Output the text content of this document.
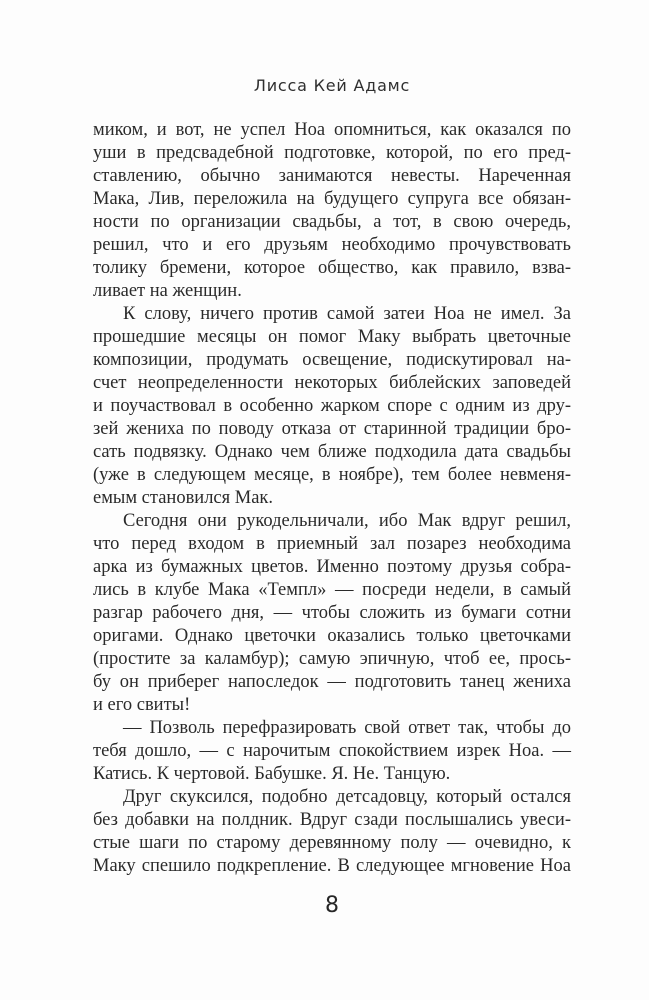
Лисса Кей Адамс
миком, и вот, не успел Ноа опомниться, как оказался по
уши в предсвадебной подготовке, которой, по его пред-
ставлению, обычно занимаются невесты. Нареченная
Мака, Лив, переложила на будущего супруга все обязан-
ности по организации свадьбы, а тот, в свою очередь,
решил, что и его друзьям необходимо прочувствовать
толику бремени, которое общество, как правило, взва-
ливает на женщин.
К слову, ничего против самой затеи Ноа не имел. За
прошедшие месяцы он помог Маку выбрать цветочные
композиции, продумать освещение, подискутировал на-
счет неопределенности некоторых библейских заповедей
и поучаствовал в особенно жарком споре с одним из дру-
зей жениха по поводу отказа от старинной традиции бро-
сать подвязку. Однако чем ближе подходила дата свадьбы
(уже в следующем месяце, в ноябре), тем более невменя-
емым становился Мак.
Сегодня они рукодельничали, ибо Мак вдруг решил,
что перед входом в приемный зал позарез необходима
арка из бумажных цветов. Именно поэтому друзья собра-
лись в клубе Мака «Темпл» — посреди недели, в самый
разгар рабочего дня, — чтобы сложить из бумаги сотни
оригами. Однако цветочки оказались только цветочками
(простите за каламбур); самую эпичную, чтоб ее, прось-
бу он приберег напоследок — подготовить танец жениха
и его свиты!
— Позволь перефразировать свой ответ так, чтобы до
тебя дошло, — с нарочитым спокойствием изрек Ноа. —
Катись. К чертовой. Бабушке. Я. Не. Танцую.
Друг скуксился, подобно детсадовцу, который остался
без добавки на полдник. Вдруг сзади послышались увеси-
стые шаги по старому деревянному полу — очевидно, к
Маку спешило подкрепление. В следующее мгновение Ноа
8
